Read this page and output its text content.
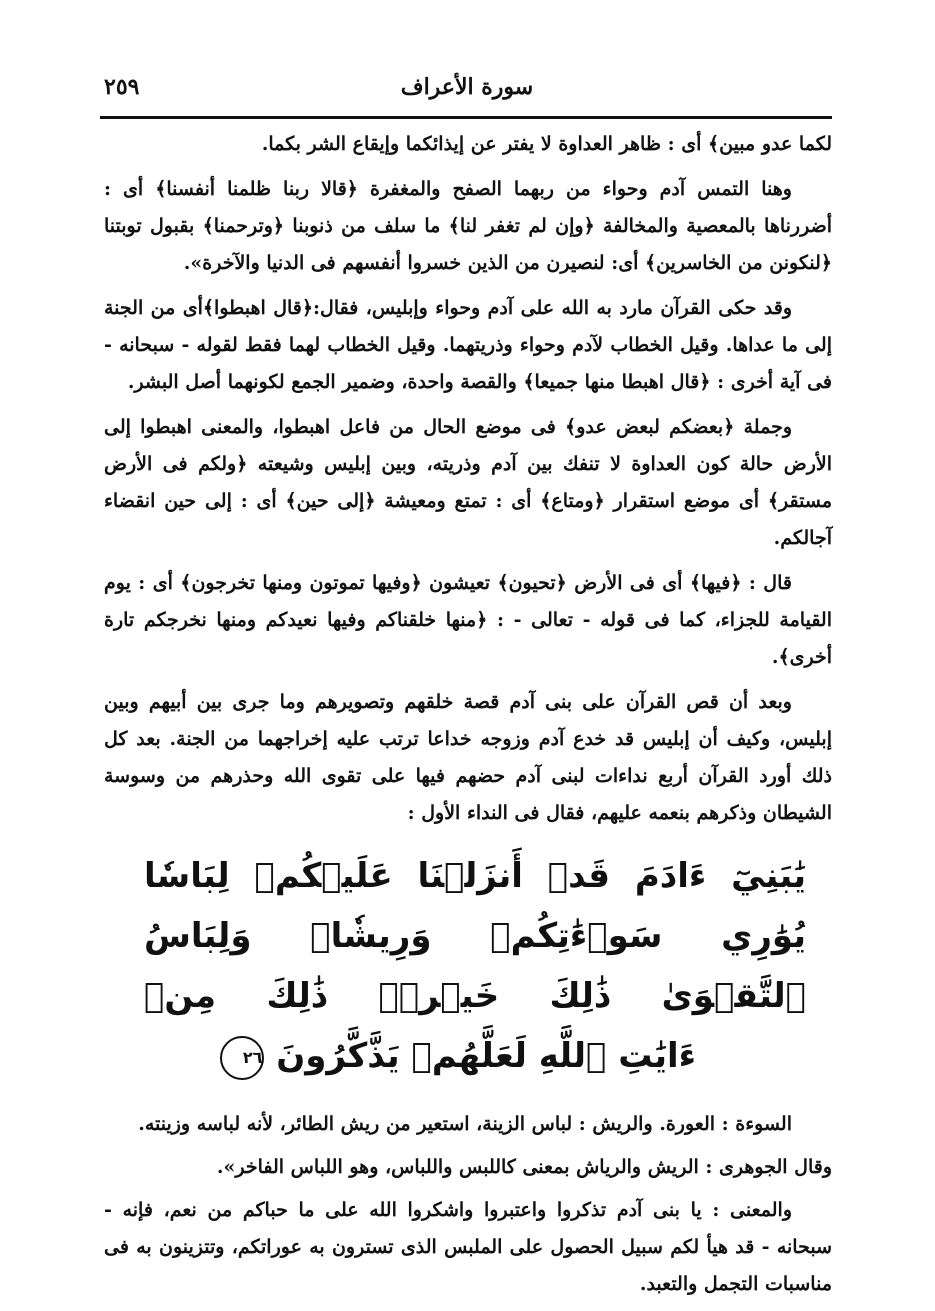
سورة الأعراف
٢٥٩

لكما عدو مبين﴾ أى : ظاهر العداوة لا يفتر عن إيذائكما وإيقاع الشر بكما.

وهنا التمس آدم وحواء من ربهما الصفح والمغفرة ﴿قالا ربنا ظلمنا أنفسنا﴾ أى : أضررناها بالمعصية والمخالفة ﴿وإن لم تغفر لنا﴾ ما سلف من ذنوبنا ﴿وترحمنا﴾ بقبول توبتنا ﴿لنكونن من الخاسرين﴾ أى: لنصيرن من الذين خسروا أنفسهم فى الدنيا والآخرة».

وقد حكى القرآن مارد به الله على آدم وحواء وإبليس، فقال:﴿قال اهبطوا﴾أى من الجنة إلى ما عداها. وقيل الخطاب لآدم وحواء وذريتهما. وقيل الخطاب لهما فقط لقوله - سبحانه - فى آية أخرى : ﴿قال اهبطا منها جميعا﴾ والقصة واحدة، وضمير الجمع لكونهما أصل البشر.

وجملة ﴿بعضكم لبعض عدو﴾ فى موضع الحال من فاعل اهبطوا، والمعنى اهبطوا إلى الأرض حالة كون العداوة لا تنفك بين آدم وذريته، وبين إبليس وشيعته ﴿ولكم فى الأرض مستقر﴾ أى موضع استقرار ﴿ومتاع﴾ أى : تمتع ومعيشة ﴿إلى حين﴾ أى : إلى حين انقضاء آجالكم.

قال : ﴿فيها﴾ أى فى الأرض ﴿تحيون﴾ تعيشون ﴿وفيها تموتون ومنها تخرجون﴾ أى : يوم القيامة للجزاء، كما فى قوله - تعالى - : ﴿منها خلقناكم وفيها نعيدكم ومنها نخرجكم تارة أخرى﴾.

وبعد أن قص القرآن على بنى آدم قصة خلقهم وتصويرهم وما جرى بين أبيهم وبين إبليس، وكيف أن إبليس قد خدع آدم وزوجه خداعا ترتب عليه إخراجهما من الجنة. بعد كل ذلك أورد القرآن أربع نداءات لبنى آدم حضهم فيها على تقوى الله وحذرهم من وسوسة الشيطان وذكرهم بنعمه عليهم، فقال فى النداء الأول :

يَٰبَنِيٓ ءَادَمَ قَدۡ أَنزَلۡنَا عَلَيۡكُمۡ لِبَاسٗا
يُوَٰرِي سَوۡءَٰتِكُمۡ وَرِيشٗاۖ وَلِبَاسُ ٱلتَّقۡوَىٰ ذَٰلِكَ خَيۡرٞۚ ذَٰلِكَ مِنۡ
ءَايَٰتِ ٱللَّهِ لَعَلَّهُمۡ يَذَّكَّرُونَ ٢٦

السوءة : العورة. والريش : لباس الزينة، استعير من ريش الطائر، لأنه لباسه وزينته.

وقال الجوهرى : الريش والرياش بمعنى كاللبس واللباس، وهو اللباس الفاخر».

والمعنى : يا بنى آدم تذكروا واعتبروا واشكروا الله على ما حباكم من نعم، فإنه - سبحانه - قد هيأ لكم سبيل الحصول على الملبس الذى تسترون به عوراتكم، وتتزينون به فى مناسبات التجمل والتعبد.
